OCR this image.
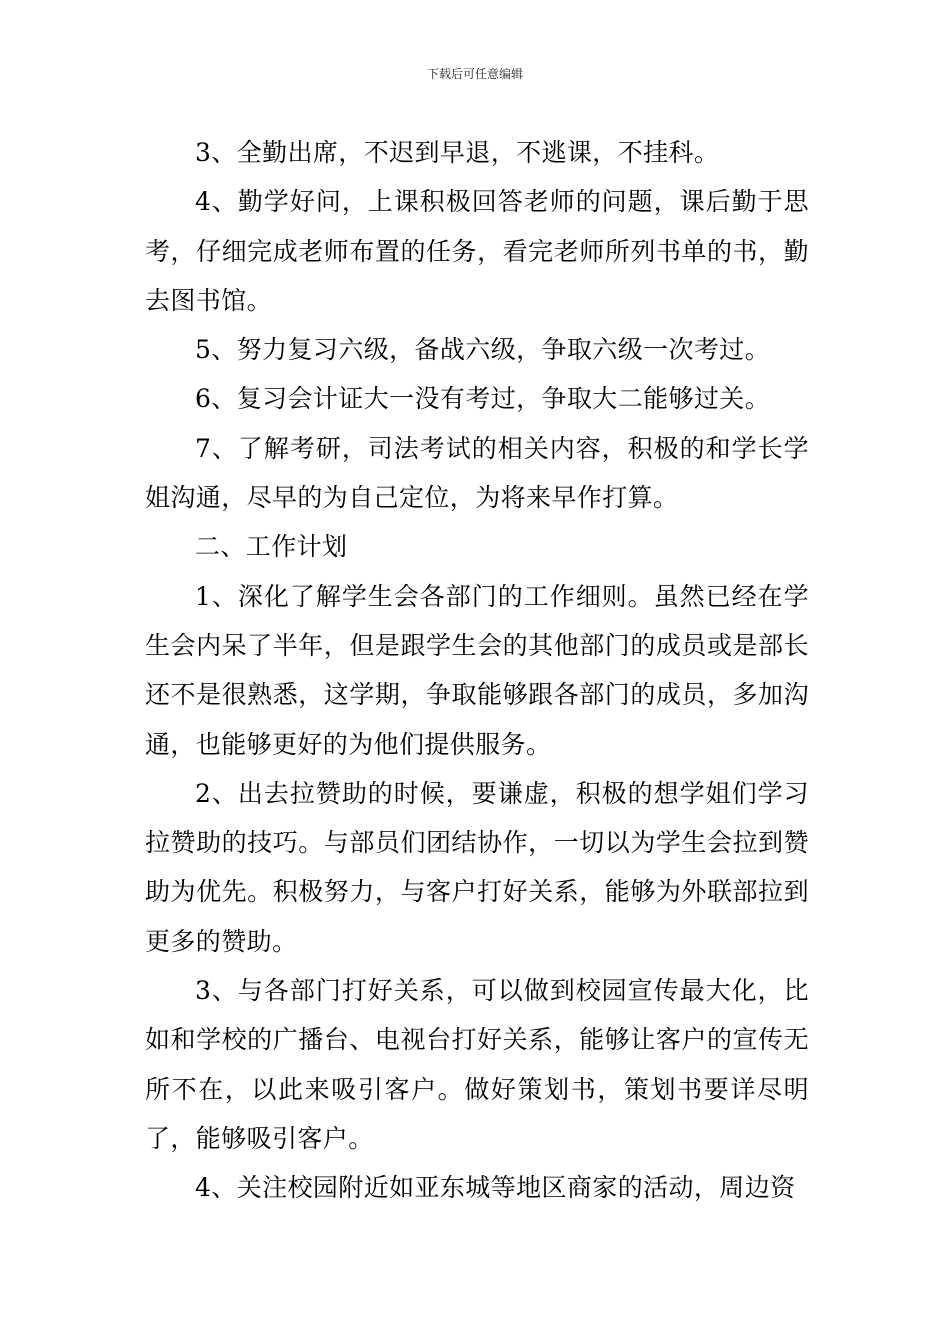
下载后可任意编辑

3、全勤出席，不迟到早退，不逃课，不挂科。

4、勤学好问，上课积极回答老师的问题，课后勤于思考，仔细完成老师布置的任务，看完老师所列书单的书，勤去图书馆。

5、努力复习六级，备战六级，争取六级一次考过。

6、复习会计证大一没有考过，争取大二能够过关。

7、了解考研，司法考试的相关内容，积极的和学长学姐沟通，尽早的为自己定位，为将来早作打算。

二、工作计划

1、深化了解学生会各部门的工作细则。虽然已经在学生会内呆了半年，但是跟学生会的其他部门的成员或是部长还不是很熟悉，这学期，争取能够跟各部门的成员，多加沟通，也能够更好的为他们提供服务。

2、出去拉赞助的时候，要谦虚，积极的想学姐们学习拉赞助的技巧。与部员们团结协作，一切以为学生会拉到赞助为优先。积极努力，与客户打好关系，能够为外联部拉到更多的赞助。

3、与各部门打好关系，可以做到校园宣传最大化，比如和学校的广播台、电视台打好关系，能够让客户的宣传无所不在，以此来吸引客户。做好策划书，策划书要详尽明了，能够吸引客户。

4、关注校园附近如亚东城等地区商家的活动，周边资
